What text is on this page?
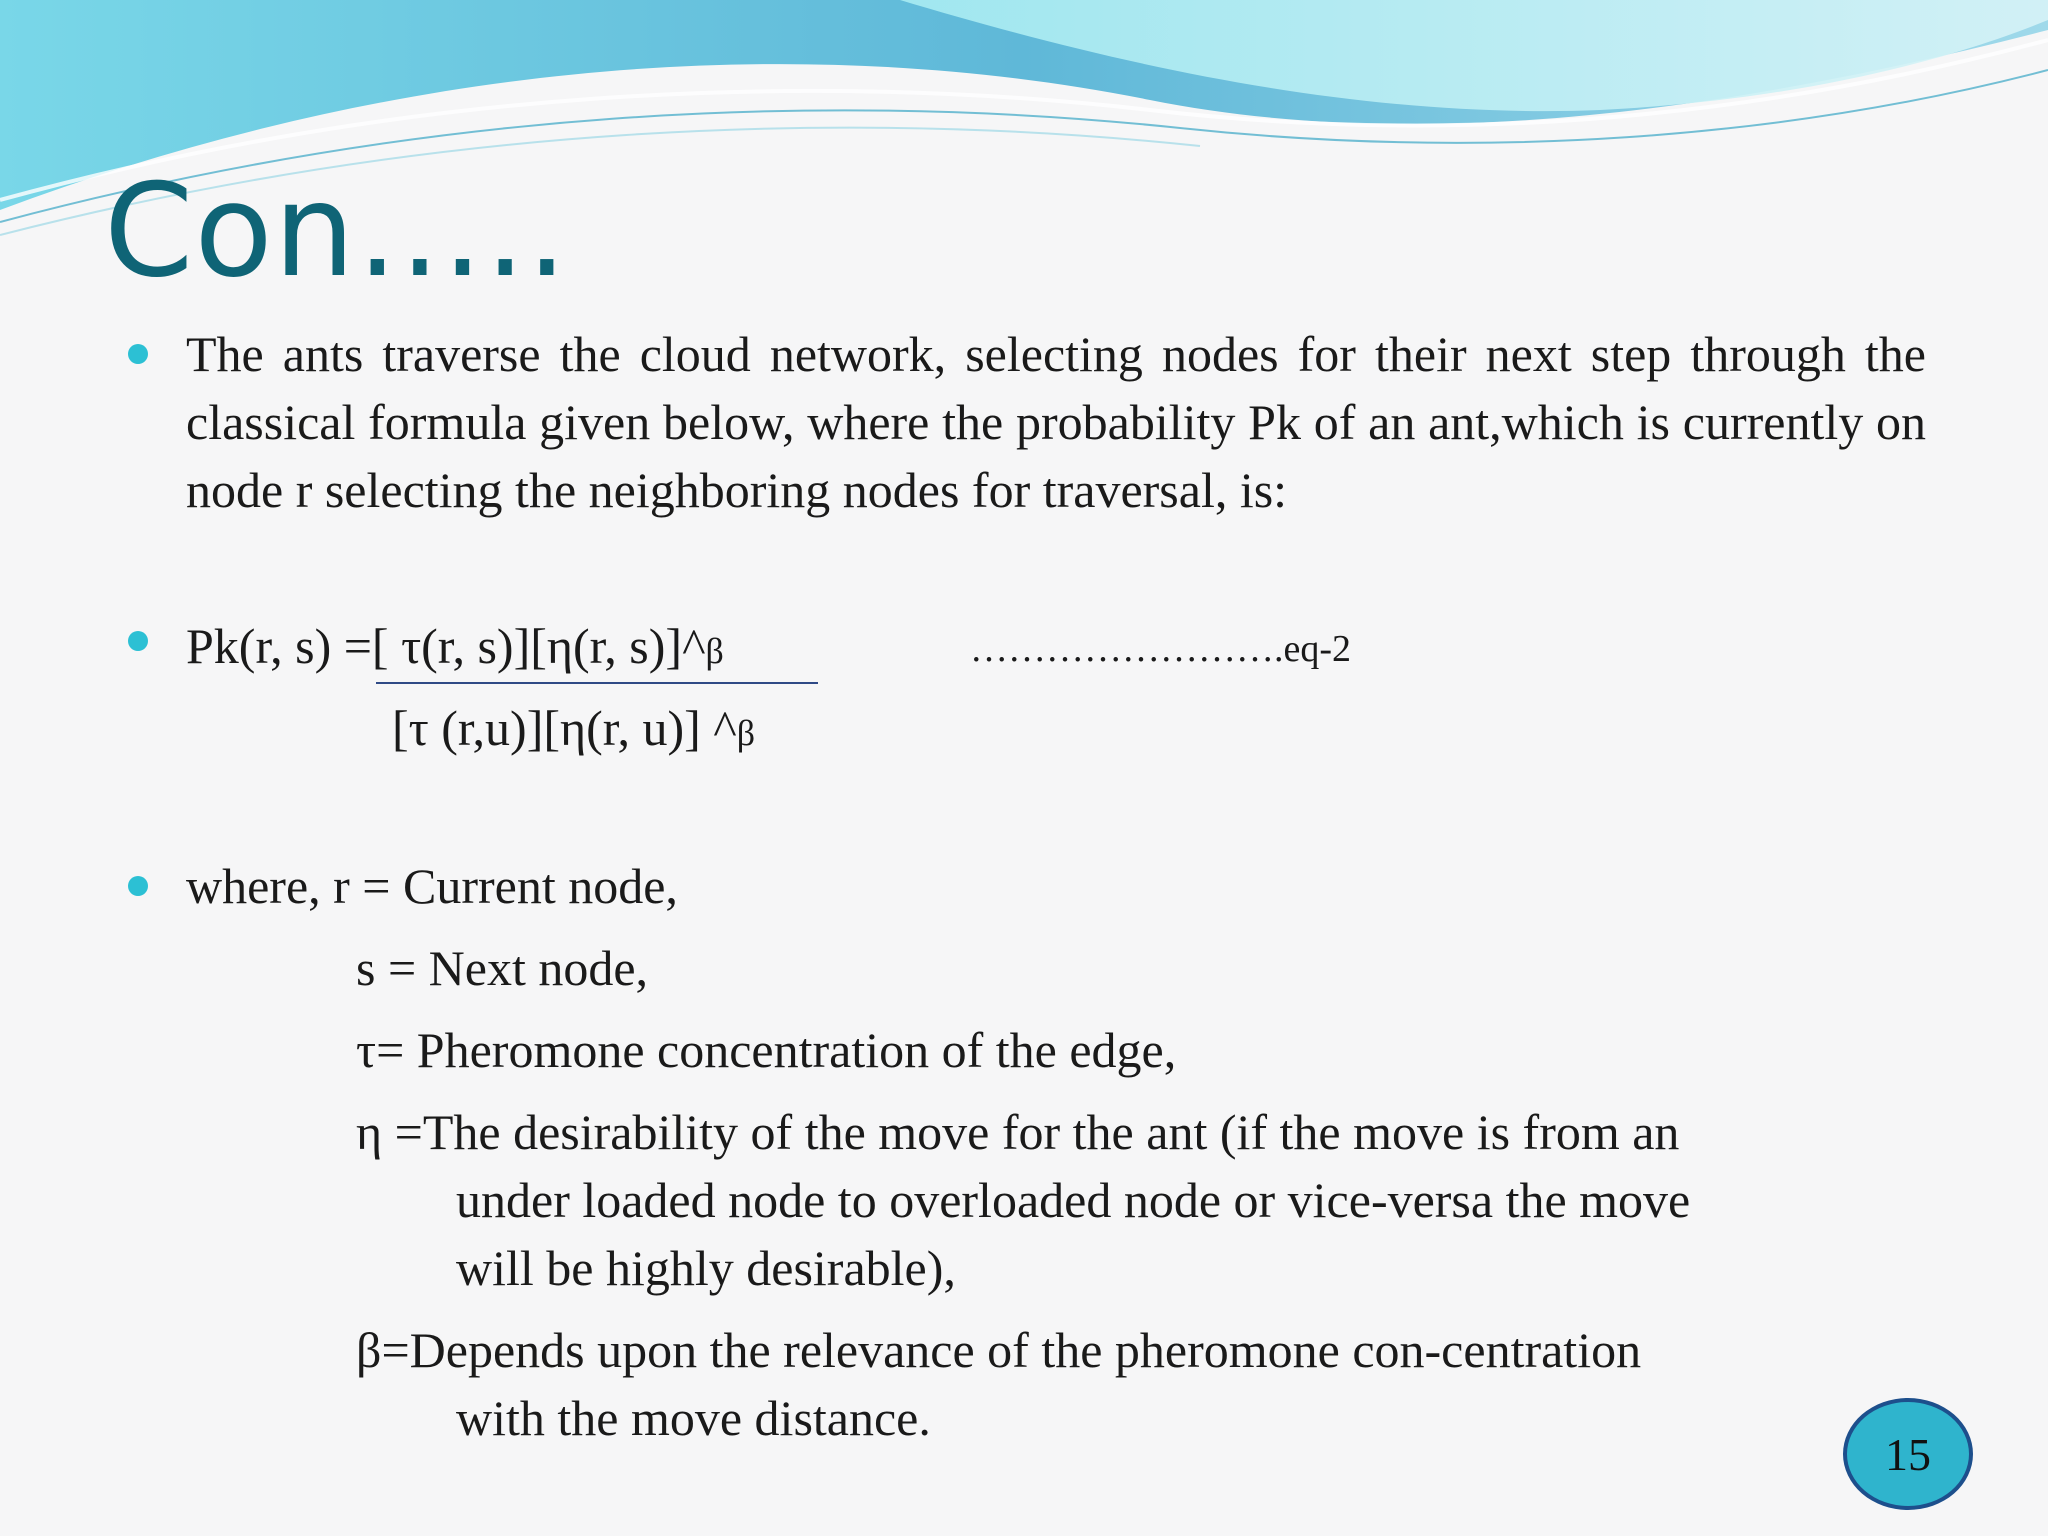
Con…..
The ants traverse the cloud network, selecting nodes for their next step through the classical formula given below, where the probability Pk of an ant,which is currently on node r selecting the neighboring nodes for traversal, is:
Pk(r, s) =[ τ(r, s)][η(r, s)]^β	…………………….eq-2
[τ (r,u)][η(r, u)] ^β
where, r = Current node,
s = Next node,
τ= Pheromone concentration of the edge,
η =The desirability of the move for the ant (if the move is from an
under loaded node to overloaded node or vice-versa the move
will be highly desirable),
β=Depends upon the relevance of the pheromone con-centration
with the move distance.
15
